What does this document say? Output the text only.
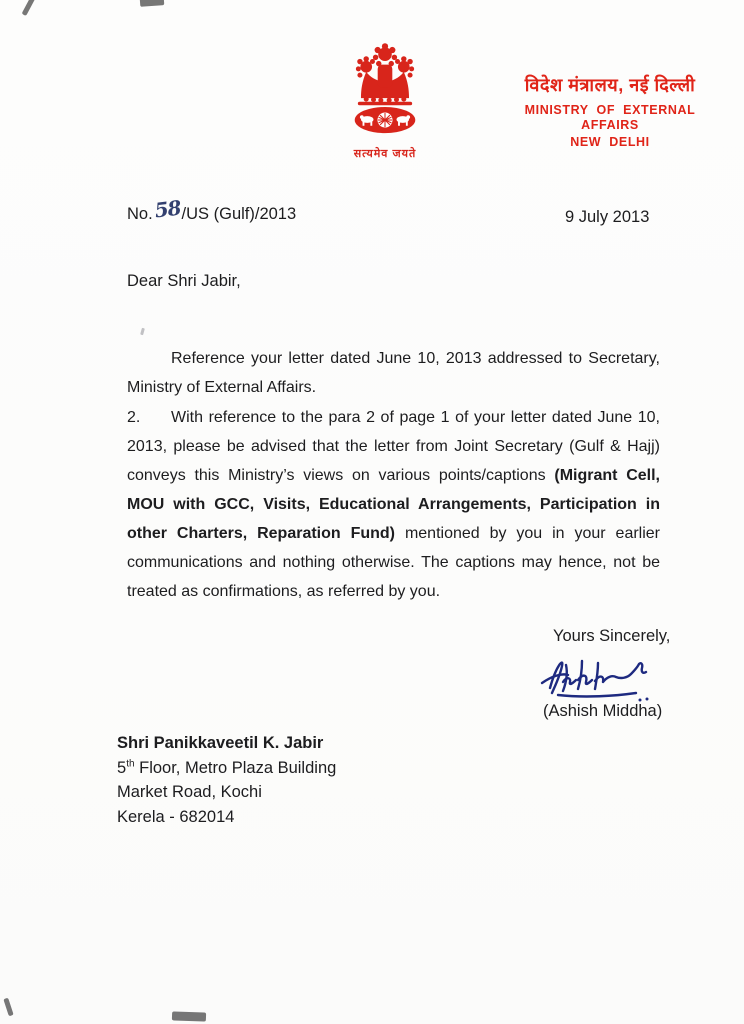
सत्यमेव जयते
विदेश मंत्रालय, नई दिल्ली
MINISTRY OF EXTERNAL AFFAIRS
NEW DELHI
No.58/US (Gulf)/2013	9 July 2013

Dear Shri Jabir,

Reference your letter dated June 10, 2013 addressed to Secretary, Ministry of External Affairs.

2. With reference to the para 2 of page 1 of your letter dated June 10, 2013, please be advised that the letter from Joint Secretary (Gulf & Hajj) conveys this Ministry’s views on various points/captions (Migrant Cell, MOU with GCC, Visits, Educational Arrangements, Participation in other Charters, Reparation Fund) mentioned by you in your earlier communications and nothing otherwise. The captions may hence, not be treated as confirmations, as referred by you.

Yours Sincerely,
(Ashish Middha)
Shri Panikkaveetil K. Jabir
5th Floor, Metro Plaza Building
Market Road, Kochi
Kerela - 682014
